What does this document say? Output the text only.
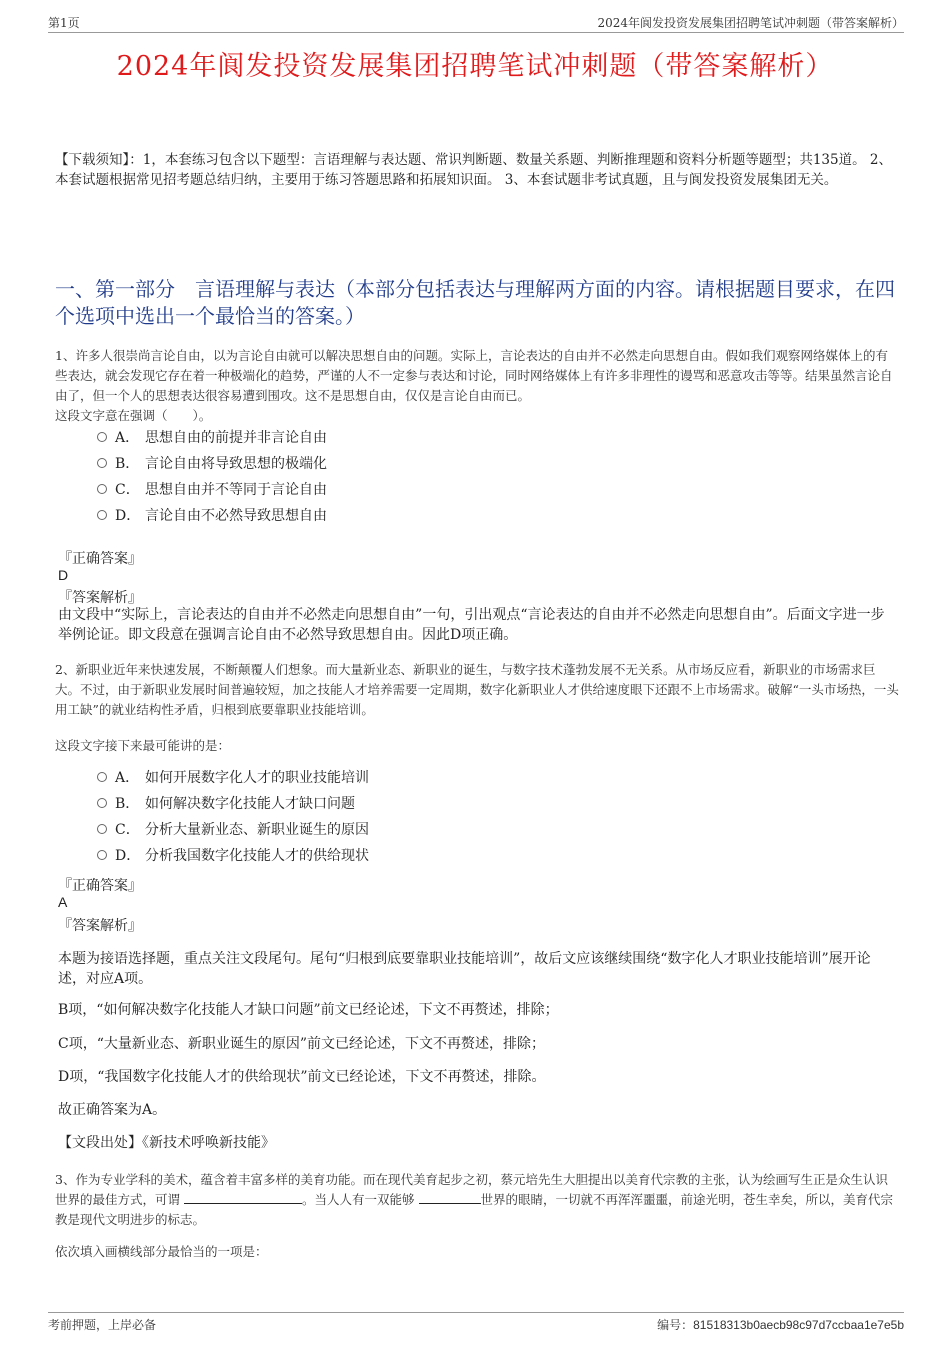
第1页	2024年阆发投资发展集团招聘笔试冲刺题（带答案解析）
2024年阆发投资发展集团招聘笔试冲刺题（带答案解析）
【下载须知】：1，本套练习包含以下题型：言语理解与表达题、常识判断题、数量关系题、判断推理题和资料分析题等题型；共135道。 2、本套试题根据常见招考题总结归纳，主要用于练习答题思路和拓展知识面。 3、本套试题非考试真题，且与阆发投资发展集团无关。
一、第一部分　言语理解与表达（本部分包括表达与理解两方面的内容。请根据题目要求，在四个选项中选出一个最恰当的答案。）
1、许多人很崇尚言论自由，以为言论自由就可以解决思想自由的问题。实际上，言论表达的自由并不必然走向思想自由。假如我们观察网络媒体上的有些表达，就会发现它存在着一种极端化的趋势，严谨的人不一定参与表达和讨论，同时网络媒体上有许多非理性的谩骂和恶意攻击等等。结果虽然言论自由了，但一个人的思想表达很容易遭到围攻。这不是思想自由，仅仅是言论自由而已。
这段文字意在强调（　　）。
A． 思想自由的前提并非言论自由
B． 言论自由将导致思想的极端化
C． 思想自由并不等同于言论自由
D． 言论自由不必然导致思想自由
『正确答案』
D
『答案解析』
由文段中“实际上，言论表达的自由并不必然走向思想自由”一句，引出观点“言论表达的自由并不必然走向思想自由”。后面文字进一步举例论证。即文段意在强调言论自由不必然导致思想自由。因此D项正确。
2、新职业近年来快速发展，不断颠覆人们想象。而大量新业态、新职业的诞生，与数字技术蓬勃发展不无关系。从市场反应看，新职业的市场需求巨大。不过，由于新职业发展时间普遍较短，加之技能人才培养需要一定周期，数字化新职业人才供给速度眼下还跟不上市场需求。破解“一头市场热，一头用工缺”的就业结构性矛盾，归根到底要靠职业技能培训。
这段文字接下来最可能讲的是：
A． 如何开展数字化人才的职业技能培训
B． 如何解决数字化技能人才缺口问题
C． 分析大量新业态、新职业诞生的原因
D． 分析我国数字化技能人才的供给现状
『正确答案』
A
『答案解析』
本题为接语选择题，重点关注文段尾句。尾句“归根到底要靠职业技能培训”，故后文应该继续围绕“数字化人才职业技能培训”展开论述，对应A项。
B项，“如何解决数字化技能人才缺口问题”前文已经论述，下文不再赘述，排除；
C项，“大量新业态、新职业诞生的原因”前文已经论述，下文不再赘述，排除；
D项，“我国数字化技能人才的供给现状”前文已经论述，下文不再赘述，排除。
故正确答案为A。
【文段出处】《新技术呼唤新技能》
3、作为专业学科的美术，蕴含着丰富多样的美育功能。而在现代美育起步之初，蔡元培先生大胆提出以美育代宗教的主张，认为绘画写生正是众生认识世界的最佳方式，可谓	。当人人有一双能够	世界的眼睛，一切就不再浑浑噩噩，前途光明，苍生幸矣，所以，美育代宗教是现代文明进步的标志。
依次填入画横线部分最恰当的一项是：
考前押题，上岸必备	编号：81518313b0aecb98c97d7ccbaa1e7e5b
